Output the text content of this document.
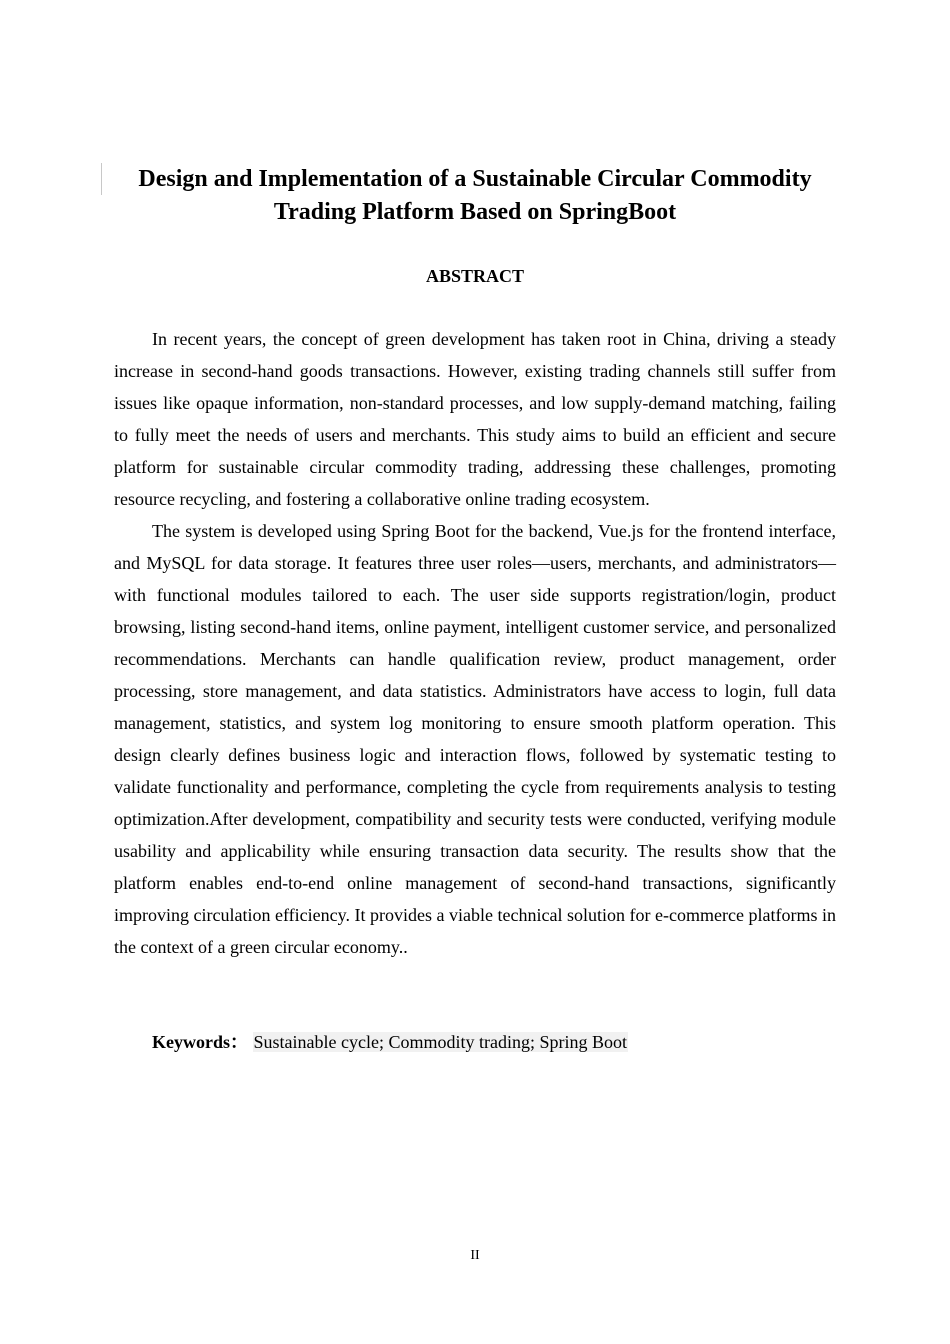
Design and Implementation of a Sustainable Circular Commodity Trading Platform Based on SpringBoot
ABSTRACT

In recent years, the concept of green development has taken root in China, driving a steady increase in second-hand goods transactions. However, existing trading channels still suffer from issues like opaque information, non-standard processes, and low supply-demand matching, failing to fully meet the needs of users and merchants. This study aims to build an efficient and secure platform for sustainable circular commodity trading, addressing these challenges, promoting resource recycling, and fostering a collaborative online trading ecosystem.

The system is developed using Spring Boot for the backend, Vue.js for the frontend interface, and MySQL for data storage. It features three user roles—users, merchants, and administrators—with functional modules tailored to each. The user side supports registration/login, product browsing, listing second-hand items, online payment, intelligent customer service, and personalized recommendations. Merchants can handle qualification review, product management, order processing, store management, and data statistics. Administrators have access to login, full data management, statistics, and system log monitoring to ensure smooth platform operation. This design clearly defines business logic and interaction flows, followed by systematic testing to validate functionality and performance, completing the cycle from requirements analysis to testing optimization.After development, compatibility and security tests were conducted, verifying module usability and applicability while ensuring transaction data security. The results show that the platform enables end-to-end online management of second-hand transactions, significantly improving circulation efficiency. It provides a viable technical solution for e-commerce platforms in the context of a green circular economy..

Keywords： Sustainable cycle; Commodity trading; Spring Boot
II
